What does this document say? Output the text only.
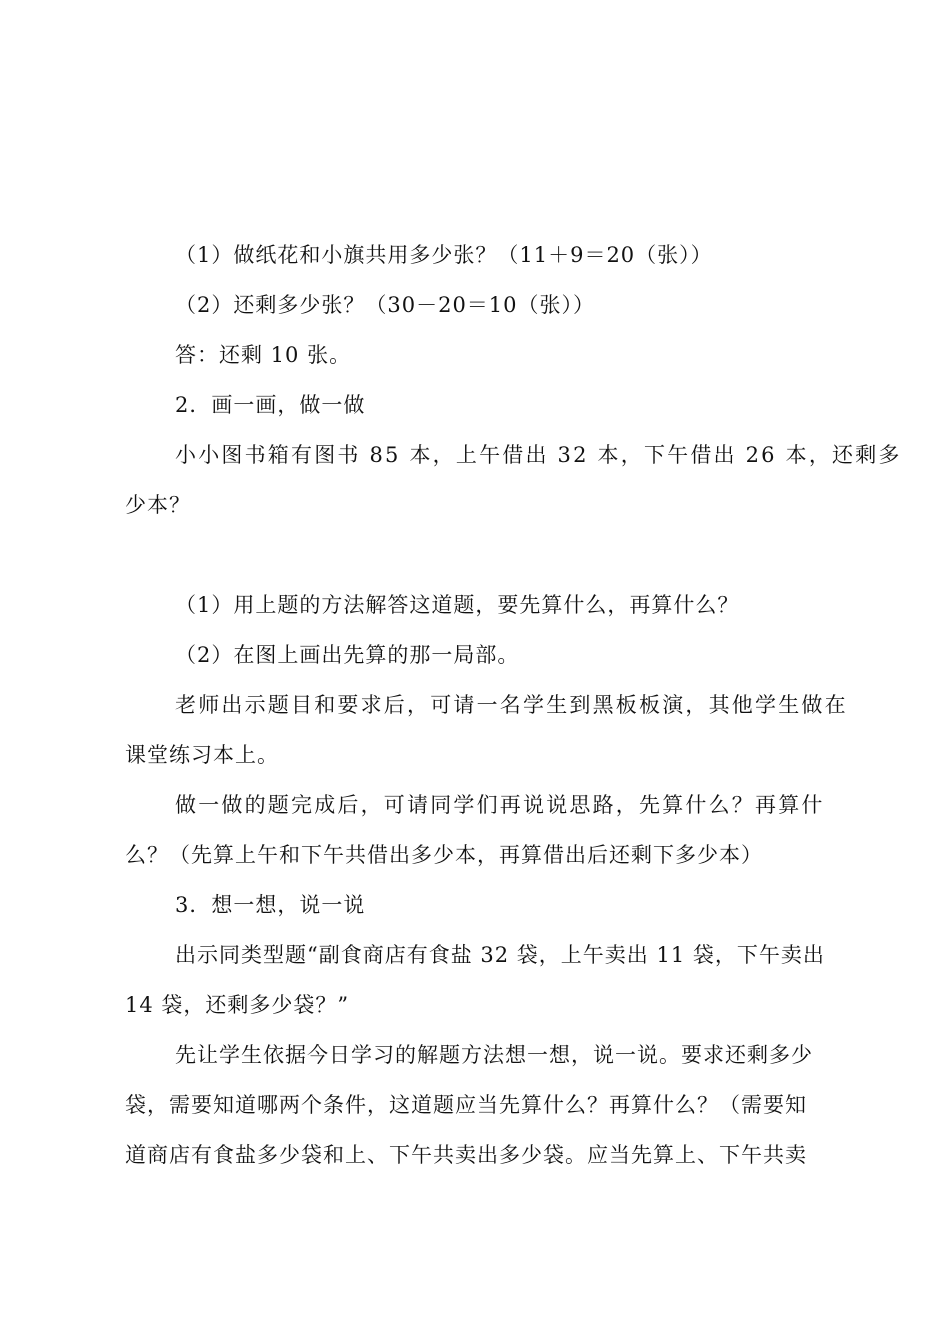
（1）做纸花和小旗共用多少张？（11＋9＝20（张））
（2）还剩多少张？（30－20＝10（张））
答：还剩 10 张。
2．画一画，做一做
小小图书箱有图书 85 本，上午借出 32 本，下午借出 26 本，还剩多
少本？
（1）用上题的方法解答这道题，要先算什么，再算什么？
（2）在图上画出先算的那一局部。
老师出示题目和要求后，可请一名学生到黑板板演，其他学生做在
课堂练习本上。
做一做的题完成后，可请同学们再说说思路，先算什么？再算什
么？（先算上午和下午共借出多少本，再算借出后还剩下多少本）
3．想一想，说一说
出示同类型题“副食商店有食盐 32 袋，上午卖出 11 袋，下午卖出
14 袋，还剩多少袋？”
先让学生依据今日学习的解题方法想一想，说一说。要求还剩多少
袋，需要知道哪两个条件，这道题应当先算什么？再算什么？（需要知
道商店有食盐多少袋和上、下午共卖出多少袋。应当先算上、下午共卖
